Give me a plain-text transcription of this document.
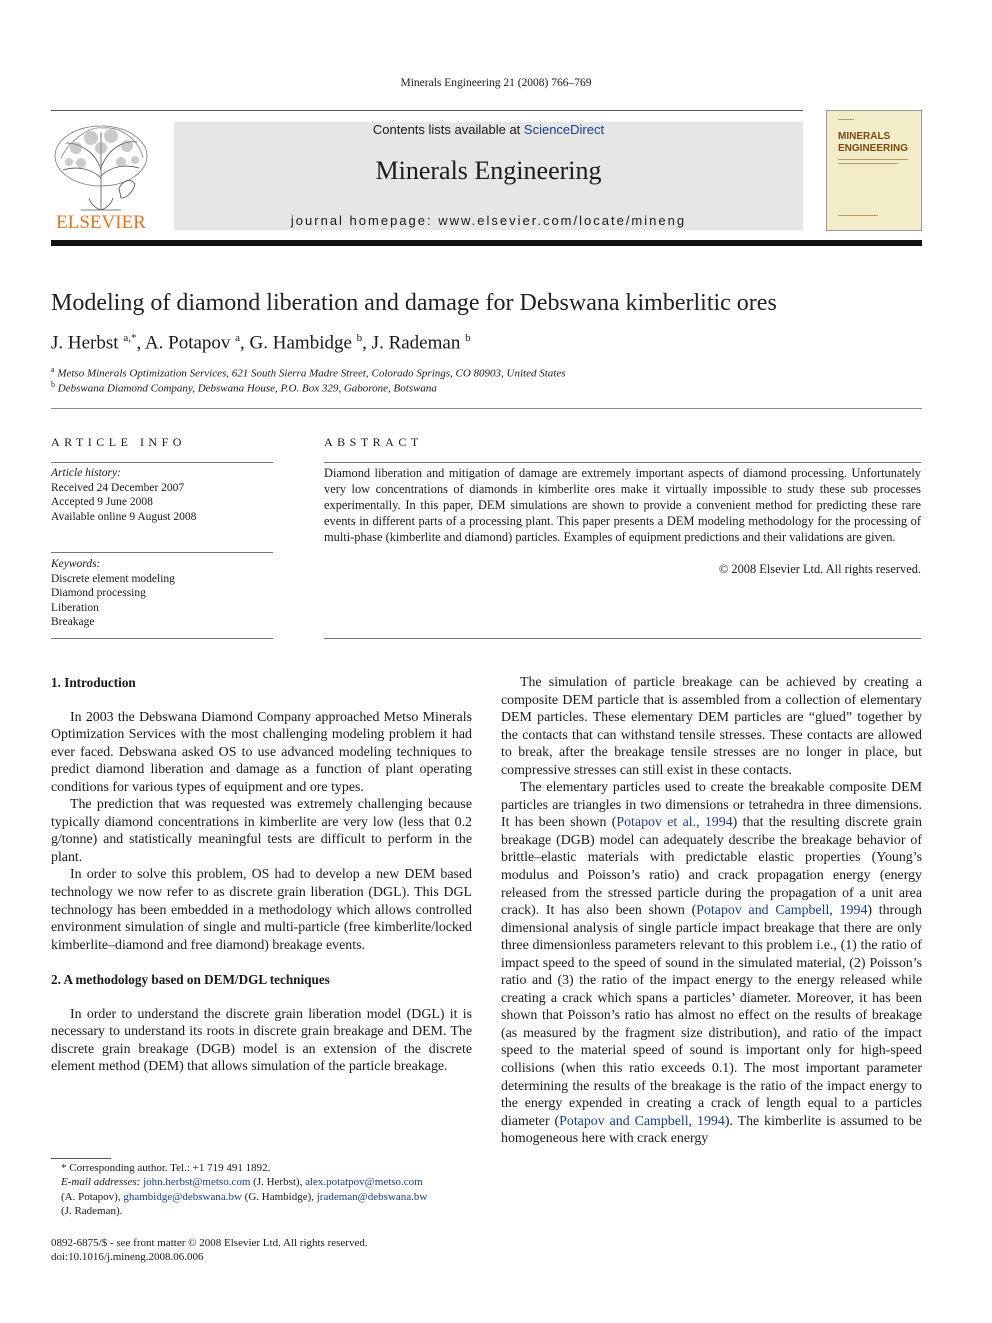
Minerals Engineering 21 (2008) 766–769
ELSEVIER
Contents lists available at ScienceDirect
Minerals Engineering
journal homepage: www.elsevier.com/locate/mineng
MINERALS
ENGINEERING
Modeling of diamond liberation and damage for Debswana kimberlitic ores
J. Herbst $^{a,*}$, A. Potapov $^a$, G. Hambidge $^b$, J. Rademan $^b$
$^a$ Metso Minerals Optimization Services, 621 South Sierra Madre Street, Colorado Springs, CO 80903, United States
$^b$ Debswana Diamond Company, Debswana House, P.O. Box 329, Gaborone, Botswana
ARTICLE INFO
Article history:
Received 24 December 2007
Accepted 9 June 2008
Available online 9 August 2008
Keywords:
Discrete element modeling
Diamond processing
Liberation
Breakage
ABSTRACT
Diamond liberation and mitigation of damage are extremely important aspects of diamond processing. Unfortunately very low concentrations of diamonds in kimberlite ores make it virtually impossible to study these sub processes experimentally. In this paper, DEM simulations are shown to provide a convenient method for predicting these rare events in different parts of a processing plant. This paper presents a DEM modeling methodology for the processing of multi-phase (kimberlite and diamond) particles. Examples of equipment predictions and their validations are given.
© 2008 Elsevier Ltd. All rights reserved.
1. Introduction

In 2003 the Debswana Diamond Company approached Metso Minerals Optimization Services with the most challenging modeling problem it had ever faced. Debswana asked OS to use advanced modeling techniques to predict diamond liberation and damage as a function of plant operating conditions for various types of equipment and ore types.

The prediction that was requested was extremely challenging because typically diamond concentrations in kimberlite are very low (less that 0.2 g/tonne) and statistically meaningful tests are difficult to perform in the plant.

In order to solve this problem, OS had to develop a new DEM based technology we now refer to as discrete grain liberation (DGL). This DGL technology has been embedded in a methodology which allows controlled environment simulation of single and multi-particle (free kimberlite/locked kimberlite–diamond and free diamond) breakage events.

2. A methodology based on DEM/DGL techniques

In order to understand the discrete grain liberation model (DGL) it is necessary to understand its roots in discrete grain breakage and DEM. The discrete grain breakage (DGB) model is an extension of the discrete element method (DEM) that allows simulation of the particle breakage.

The simulation of particle breakage can be achieved by creating a composite DEM particle that is assembled from a collection of elementary DEM particles. These elementary DEM particles are “glued” together by the contacts that can withstand tensile stresses. These contacts are allowed to break, after the breakage tensile stresses are no longer in place, but compressive stresses can still exist in these contacts.

The elementary particles used to create the breakable composite DEM particles are triangles in two dimensions or tetrahedra in three dimensions. It has been shown (Potapov et al., 1994) that the resulting discrete grain breakage (DGB) model can adequately describe the breakage behavior of brittle–elastic materials with predictable elastic properties (Young’s modulus and Poisson’s ratio) and crack propagation energy (energy released from the stressed particle during the propagation of a unit area crack). It has also been shown (Potapov and Campbell, 1994) through dimensional analysis of single particle impact breakage that there are only three dimensionless parameters relevant to this problem i.e., (1) the ratio of impact speed to the speed of sound in the simulated material, (2) Poisson’s ratio and (3) the ratio of the impact energy to the energy released while creating a crack which spans a particles’ diameter. Moreover, it has been shown that Poisson’s ratio has almost no effect on the results of breakage (as measured by the fragment size distribution), and ratio of the impact speed to the material speed of sound is important only for high-speed collisions (when this ratio exceeds 0.1). The most important parameter determining the results of the breakage is the ratio of the impact energy to the energy expended in creating a crack of length equal to a particles diameter (Potapov and Campbell, 1994). The kimberlite is assumed to be homogeneous here with crack energy

* Corresponding author. Tel.: +1 719 491 1892.
E-mail addresses: john.herbst@metso.com (J. Herbst), alex.potatpov@metso.com
(A. Potapov), ghambidge@debswana.bw (G. Hambidge), jrademan@debswana.bw
(J. Rademan).
0892-6875/$ - see front matter © 2008 Elsevier Ltd. All rights reserved.
doi:10.1016/j.mineng.2008.06.006
